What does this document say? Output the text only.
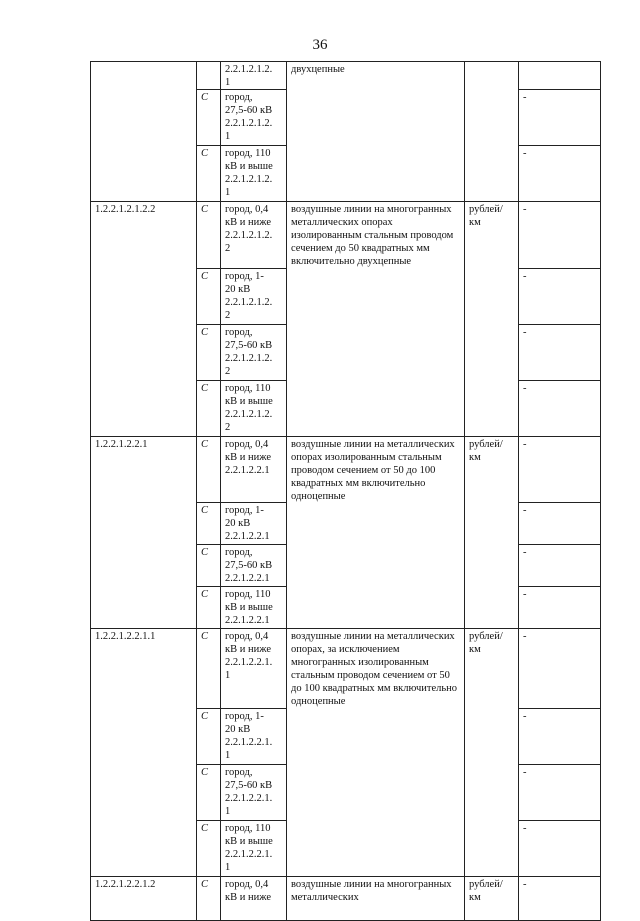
36
		2.2.1.2.1.2.
1	двухцепные		
	С	город,
27,5-60 кВ
2.2.1.2.1.2.
1			-
	С	город, 110
кВ и выше
2.2.1.2.1.2.
1			-
1.2.2.1.2.1.2.2	С	город, 0,4
кВ и ниже
2.2.1.2.1.2.
2	воздушные линии на многогранных металлических опорах изолированным стальным проводом сечением до 50 квадратных мм включительно двухцепные	рублей/
км	-
	С	город, 1-
20 кВ
2.2.1.2.1.2.
2			-
	С	город,
27,5-60 кВ
2.2.1.2.1.2.
2			-
	С	город, 110
кВ и выше
2.2.1.2.1.2.
2			-
1.2.2.1.2.2.1	С	город, 0,4
кВ и ниже
2.2.1.2.2.1	воздушные линии на металлических опорах изолированным стальным проводом сечением от 50 до 100 квадратных мм включительно одноцепные	рублей/
км	-
	С	город, 1-
20 кВ
2.2.1.2.2.1			-
	С	город,
27,5-60 кВ
2.2.1.2.2.1			-
	С	город, 110
кВ и выше
2.2.1.2.2.1			-
1.2.2.1.2.2.1.1	С	город, 0,4
кВ и ниже
2.2.1.2.2.1.
1	воздушные линии на металлических опорах, за исключением многогранных изолированным стальным проводом сечением от 50 до 100 квадратных мм включительно одноцепные	рублей/
км	-
	С	город, 1-
20 кВ
2.2.1.2.2.1.
1			-
	С	город,
27,5-60 кВ
2.2.1.2.2.1.
1			-
	С	город, 110
кВ и выше
2.2.1.2.2.1.
1			-
1.2.2.1.2.2.1.2	С	город, 0,4
кВ и ниже	воздушные линии на многогранных металлических	рублей/
км	-
